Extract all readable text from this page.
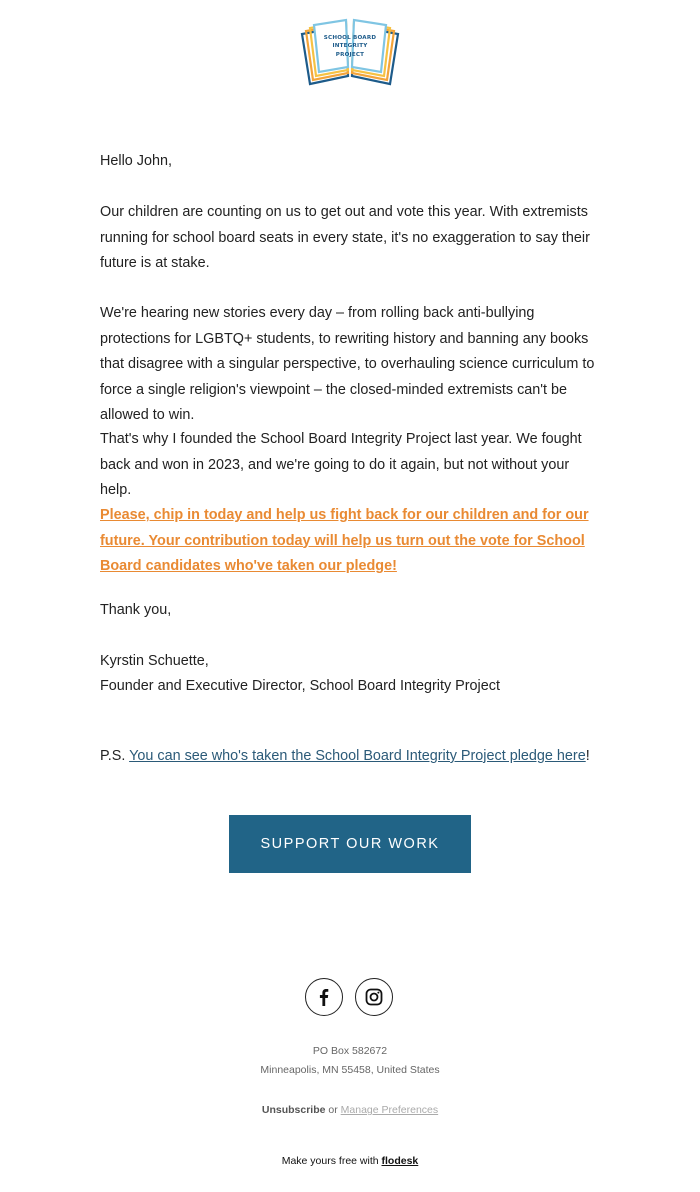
SCHOOL BOARD
INTEGRITY
PROJECT

Hello John,

Our children are counting on us to get out and vote this year. With extremists running for school board seats in every state, it's no exaggeration to say their future is at stake.

We're hearing new stories every day – from rolling back anti-bullying protections for LGBTQ+ students, to rewriting history and banning any books that disagree with a singular perspective, to overhauling science curriculum to force a single religion's viewpoint – the closed-minded extremists can't be allowed to win.

That's why I founded the School Board Integrity Project last year. We fought back and won in 2023, and we're going to do it again, but not without your help.

Please, chip in today and help us fight back for our children and for our future. Your contribution today will help us turn out the vote for School Board candidates who've taken our pledge!

Thank you,

Kyrstin Schuette,

Founder and Executive Director, School Board Integrity Project

P.S. You can see who's taken the School Board Integrity Project pledge here!

SUPPORT OUR WORK

PO Box 582672

Minneapolis, MN 55458, United States

Unsubscribe or Manage Preferences

Make yours free with flodesk
